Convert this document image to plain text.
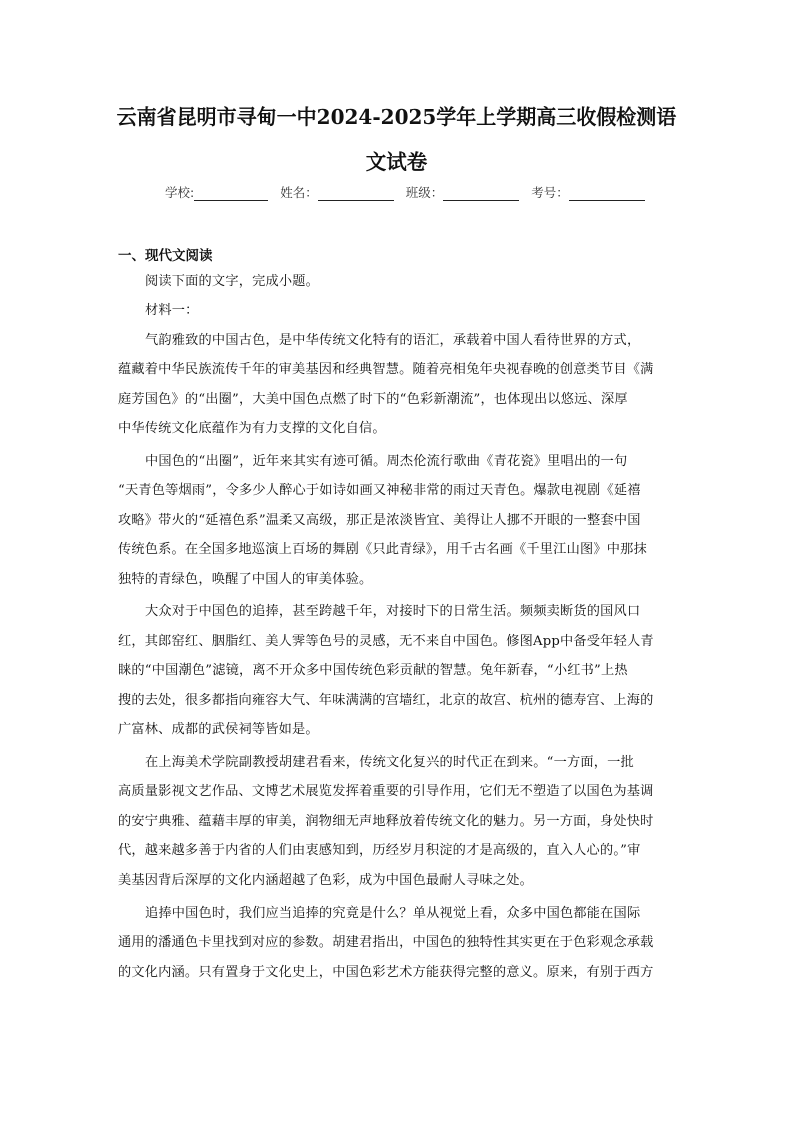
云南省昆明市寻甸一中2024-2025学年上学期高三收假检测语
文试卷
学校:	姓名：	班级：	考号：
一、现代文阅读
阅读下面的文字，完成小题。
材料一：
气韵雅致的中国古色，是中华传统文化特有的语汇，承载着中国人看待世界的方式，
蕴藏着中华民族流传千年的审美基因和经典智慧。随着亮相兔年央视春晚的创意类节目《满
庭芳国色》的“出圈”，大美中国色点燃了时下的“色彩新潮流”，也体现出以悠远、深厚
中华传统文化底蕴作为有力支撑的文化自信。
中国色的“出圈”，近年来其实有迹可循。周杰伦流行歌曲《青花瓷》里唱出的一句
“天青色等烟雨”，令多少人醉心于如诗如画又神秘非常的雨过天青色。爆款电视剧《延禧
攻略》带火的“延禧色系”温柔又高级，那正是浓淡皆宜、美得让人挪不开眼的一整套中国
传统色系。在全国多地巡演上百场的舞剧《只此青绿》，用千古名画《千里江山图》中那抹
独特的青绿色，唤醒了中国人的审美体验。
大众对于中国色的追捧，甚至跨越千年，对接时下的日常生活。频频卖断货的国风口
红，其郎窑红、胭脂红、美人霁等色号的灵感，无不来自中国色。修图App中备受年轻人青
睐的“中国潮色”滤镜，离不开众多中国传统色彩贡献的智慧。兔年新春，“小红书”上热
搜的去处，很多都指向雍容大气、年味满满的宫墙红，北京的故宫、杭州的德寿宫、上海的
广富林、成都的武侯祠等皆如是。
在上海美术学院副教授胡建君看来，传统文化复兴的时代正在到来。“一方面，一批
高质量影视文艺作品、文博艺术展览发挥着重要的引导作用，它们无不塑造了以国色为基调
的安宁典雅、蕴藉丰厚的审美，润物细无声地释放着传统文化的魅力。另一方面，身处快时
代，越来越多善于内省的人们由衷感知到，历经岁月积淀的才是高级的，直入人心的。”审
美基因背后深厚的文化内涵超越了色彩，成为中国色最耐人寻味之处。
追捧中国色时，我们应当追捧的究竟是什么？单从视觉上看，众多中国色都能在国际
通用的潘通色卡里找到对应的参数。胡建君指出，中国色的独特性其实更在于色彩观念承载
的文化内涵。只有置身于文化史上，中国色彩艺术方能获得完整的意义。原来，有别于西方
